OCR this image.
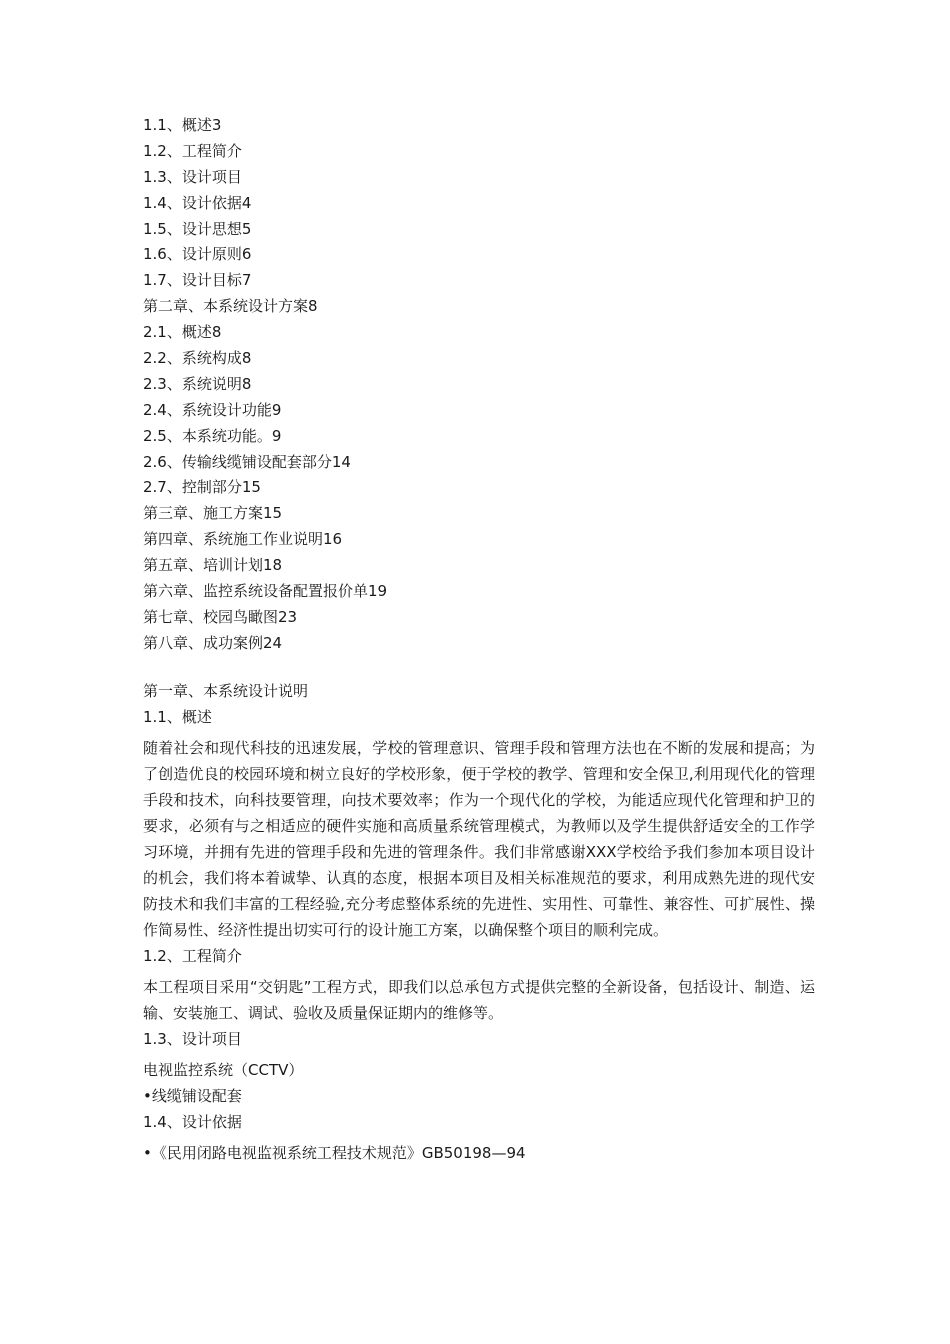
1.1、概述3
1.2、工程简介
1.3、设计项目
1.4、设计依据4
1.5、设计思想5
1.6、设计原则6
1.7、设计目标7
第二章、本系统设计方案8
2.1、概述8
2.2、系统构成8
2.3、系统说明8
2.4、系统设计功能9
2.5、本系统功能。9
2.6、传输线缆铺设配套部分14
2.7、控制部分15
第三章、施工方案15
第四章、系统施工作业说明16
第五章、培训计划18
第六章、监控系统设备配置报价单19
第七章、校园鸟瞰图23
第八章、成功案例24
第一章、本系统设计说明
1.1、概述
随着社会和现代科技的迅速发展，学校的管理意识、管理手段和管理方法也在不断的发展和提高；为了创造优良的校园环境和树立良好的学校形象，便于学校的教学、管理和安全保卫,利用现代化的管理手段和技术，向科技要管理，向技术要效率；作为一个现代化的学校，为能适应现代化管理和护卫的要求，必须有与之相适应的硬件实施和高质量系统管理模式，为教师以及学生提供舒适安全的工作学习环境，并拥有先进的管理手段和先进的管理条件。我们非常感谢XXX学校给予我们参加本项目设计的机会，我们将本着诚挚、认真的态度，根据本项目及相关标准规范的要求，利用成熟先进的现代安防技术和我们丰富的工程经验,充分考虑整体系统的先进性、实用性、可靠性、兼容性、可扩展性、操作简易性、经济性提出切实可行的设计施工方案，以确保整个项目的顺利完成。
1.2、工程简介
本工程项目采用“交钥匙”工程方式，即我们以总承包方式提供完整的全新设备，包括设计、制造、运输、安装施工、调试、验收及质量保证期内的维修等。
1.3、设计项目
电视监控系统（CCTV）
•线缆铺设配套
1.4、设计依据
•《民用闭路电视监视系统工程技术规范》GB50198—94
